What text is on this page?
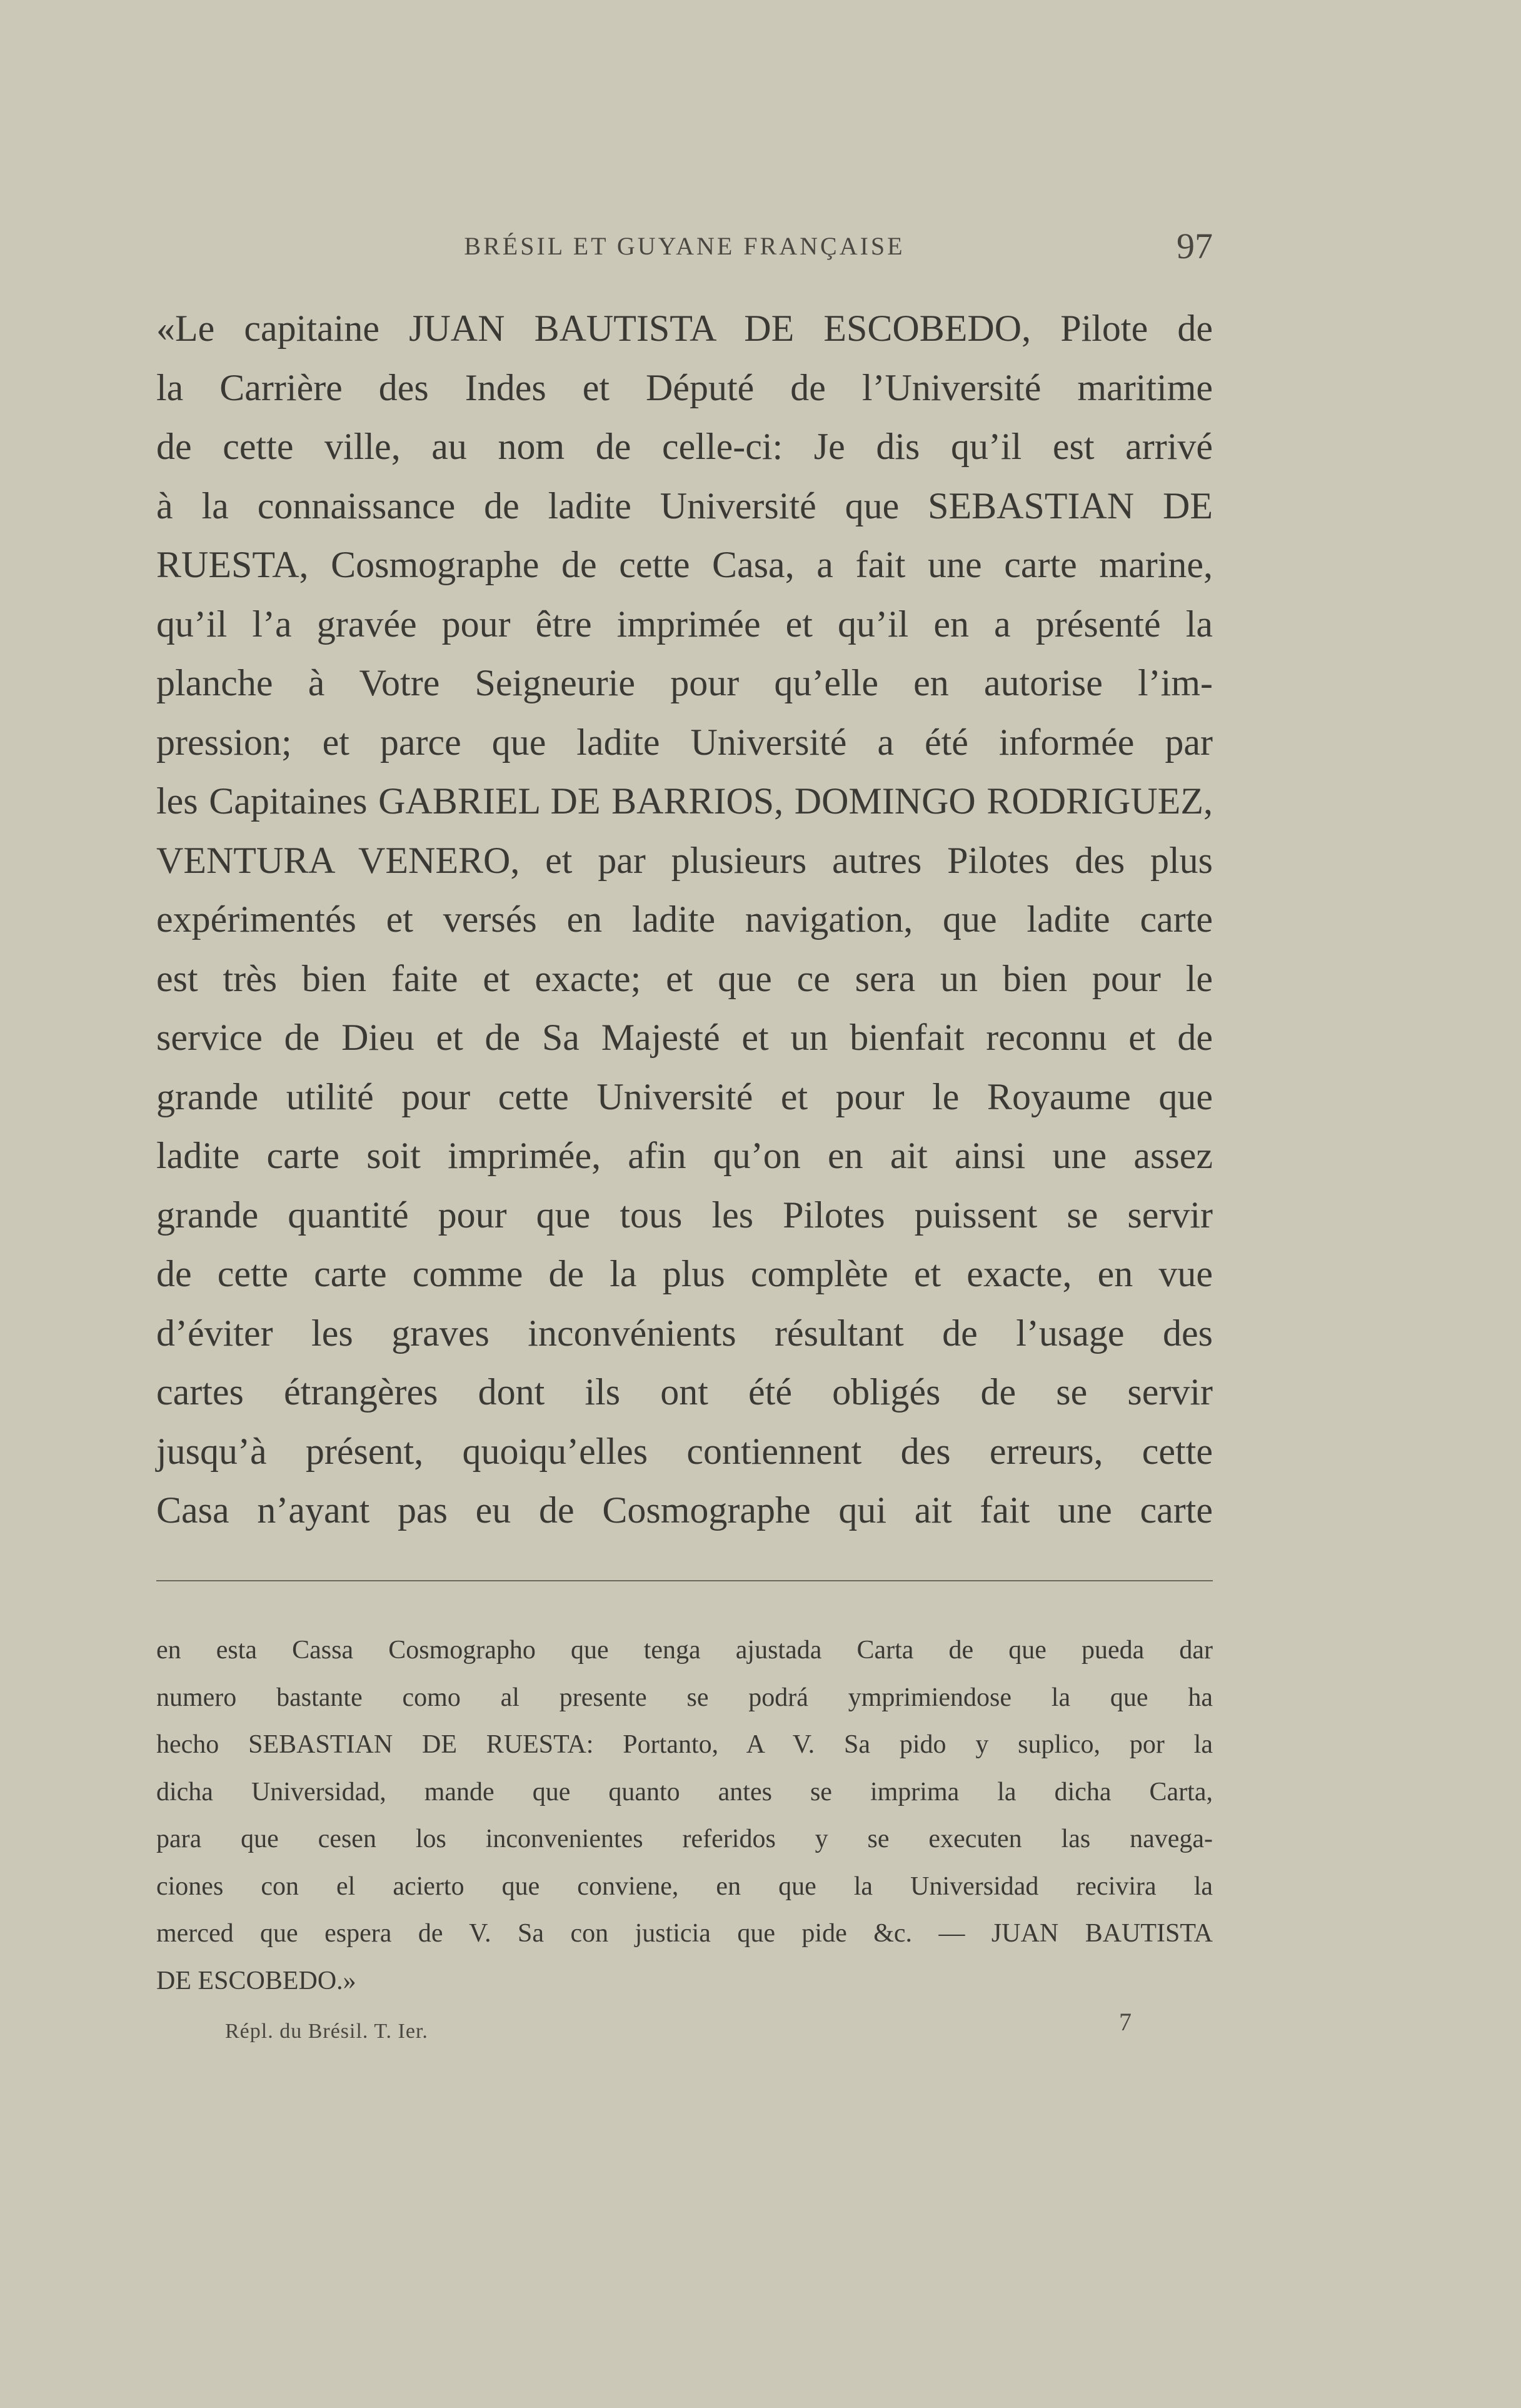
BRÉSIL ET GUYANE FRANÇAISE	97
«Le capitaine JUAN BAUTISTA DE ESCOBEDO, Pilote de
la Carrière des Indes et Député de l’Université maritime
de cette ville, au nom de celle-ci: Je dis qu’il est arrivé
à la connaissance de ladite Université que SEBASTIAN DE
RUESTA, Cosmographe de cette Casa, a fait une carte marine,
qu’il l’a gravée pour être imprimée et qu’il en a présenté la
planche à Votre Seigneurie pour qu’elle en autorise l’im-
pression; et parce que ladite Université a été informée par
les Capitaines GABRIEL DE BARRIOS, DOMINGO RODRIGUEZ,
VENTURA VENERO, et par plusieurs autres Pilotes des plus
expérimentés et versés en ladite navigation, que ladite carte
est très bien faite et exacte; et que ce sera un bien pour le
service de Dieu et de Sa Majesté et un bienfait reconnu et de
grande utilité pour cette Université et pour le Royaume que
ladite carte soit imprimée, afin qu’on en ait ainsi une assez
grande quantité pour que tous les Pilotes puissent se servir
de cette carte comme de la plus complète et exacte, en vue
d’éviter les graves inconvénients résultant de l’usage des
cartes étrangères dont ils ont été obligés de se servir
jusqu’à présent, quoiqu’elles contiennent des erreurs, cette
Casa n’ayant pas eu de Cosmographe qui ait fait une carte
en esta Cassa Cosmographo que tenga ajustada Carta de que pueda dar
numero bastante como al presente se podrá ymprimiendose la que ha
hecho SEBASTIAN DE RUESTA: Portanto, A V. Sa pido y suplico, por la
dicha Universidad, mande que quanto antes se imprima la dicha Carta,
para que cesen los inconvenientes referidos y se executen las navega-
ciones con el acierto que conviene, en que la Universidad recivira la
merced que espera de V. Sa con justicia que pide &c. — JUAN BAUTISTA
DE ESCOBEDO.»
Répl. du Brésil. T. Ier.	7
